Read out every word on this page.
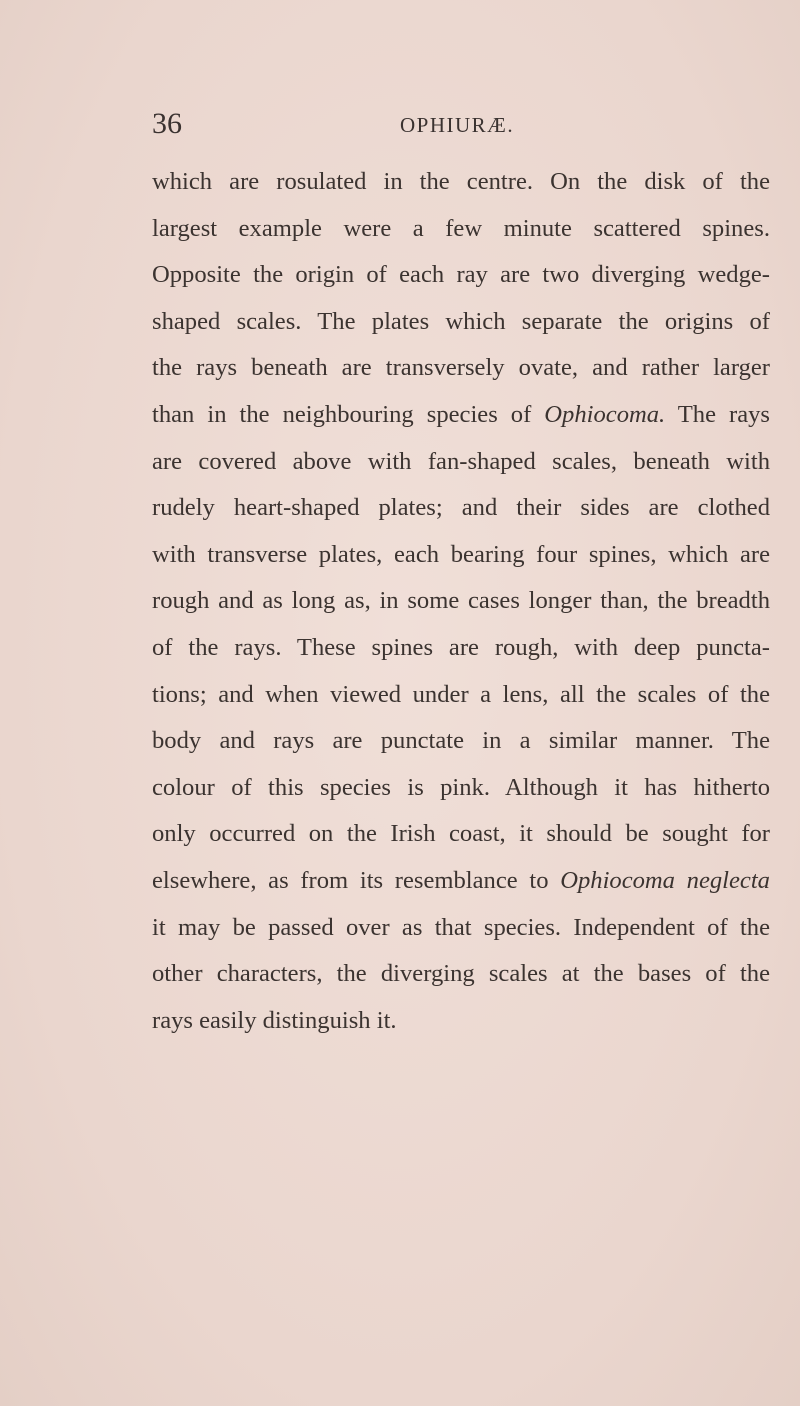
36	OPHIURÆ.
which are rosulated in the centre. On the disk of the
largest example were a few minute scattered spines.
Opposite the origin of each ray are two diverging wedge-
shaped scales. The plates which separate the origins of
the rays beneath are transversely ovate, and rather larger
than in the neighbouring species of Ophiocoma. The rays
are covered above with fan-shaped scales, beneath with
rudely heart-shaped plates; and their sides are clothed
with transverse plates, each bearing four spines, which are
rough and as long as, in some cases longer than, the breadth
of the rays. These spines are rough, with deep puncta-
tions; and when viewed under a lens, all the scales of the
body and rays are punctate in a similar manner. The
colour of this species is pink. Although it has hitherto
only occurred on the Irish coast, it should be sought for
elsewhere, as from its resemblance to Ophiocoma neglecta
it may be passed over as that species. Independent of the
other characters, the diverging scales at the bases of the
rays easily distinguish it.
